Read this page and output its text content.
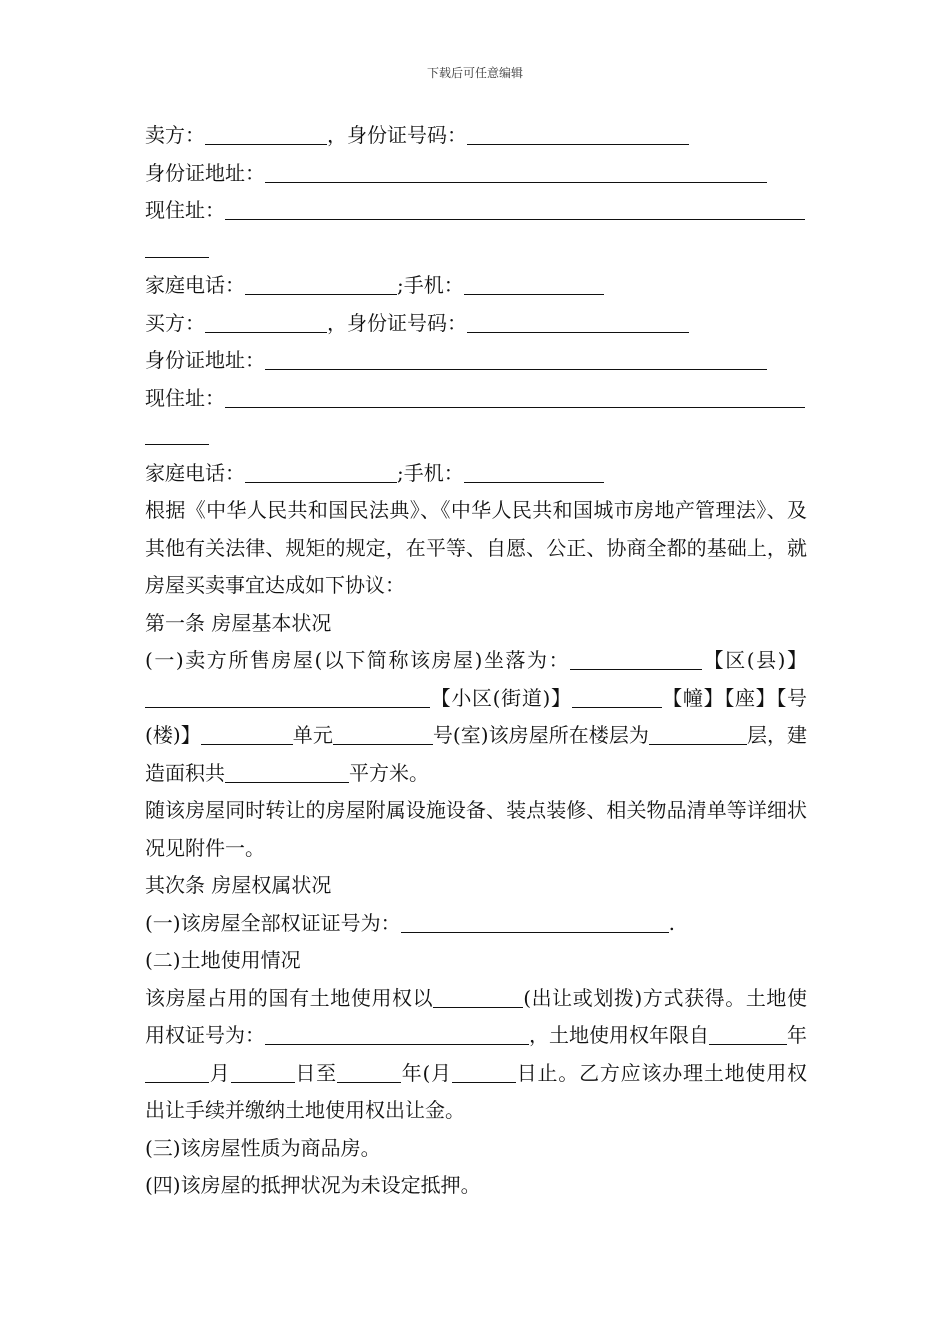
下载后可任意编辑
卖方：	，身份证号码：
身份证地址：
现住址：
家庭电话：	;手机：
买方：	，身份证号码：
身份证地址：
现住址：
家庭电话：	;手机：
根据《中华人民共和国民法典》、《中华人民共和国城市房地产管理法》、及其他有关法律、规矩的规定，在平等、自愿、公正、协商全都的基础上，就房屋买卖事宜达成如下协议：
第一条 房屋基本状况
(一)卖方所售房屋(以下简称该房屋)坐落为：	【区(县)】【小区(街道)】	【幢】【座】【号(楼)】	单元	号(室)该房屋所在楼层为	层，建造面积共	平方米。
随该房屋同时转让的房屋附属设施设备、装点装修、相关物品清单等详细状况见附件一。
其次条 房屋权属状况
(一)该房屋全部权证证号为：	.
(二)土地使用情况
该房屋占用的国有土地使用权以	(出让或划拨)方式获得。土地使用权证号为：	，土地使用权年限自	年月	日至	年(月	日止。乙方应该办理土地使用权出让手续并缴纳土地使用权出让金。
(三)该房屋性质为商品房。
(四)该房屋的抵押状况为未设定抵押。
